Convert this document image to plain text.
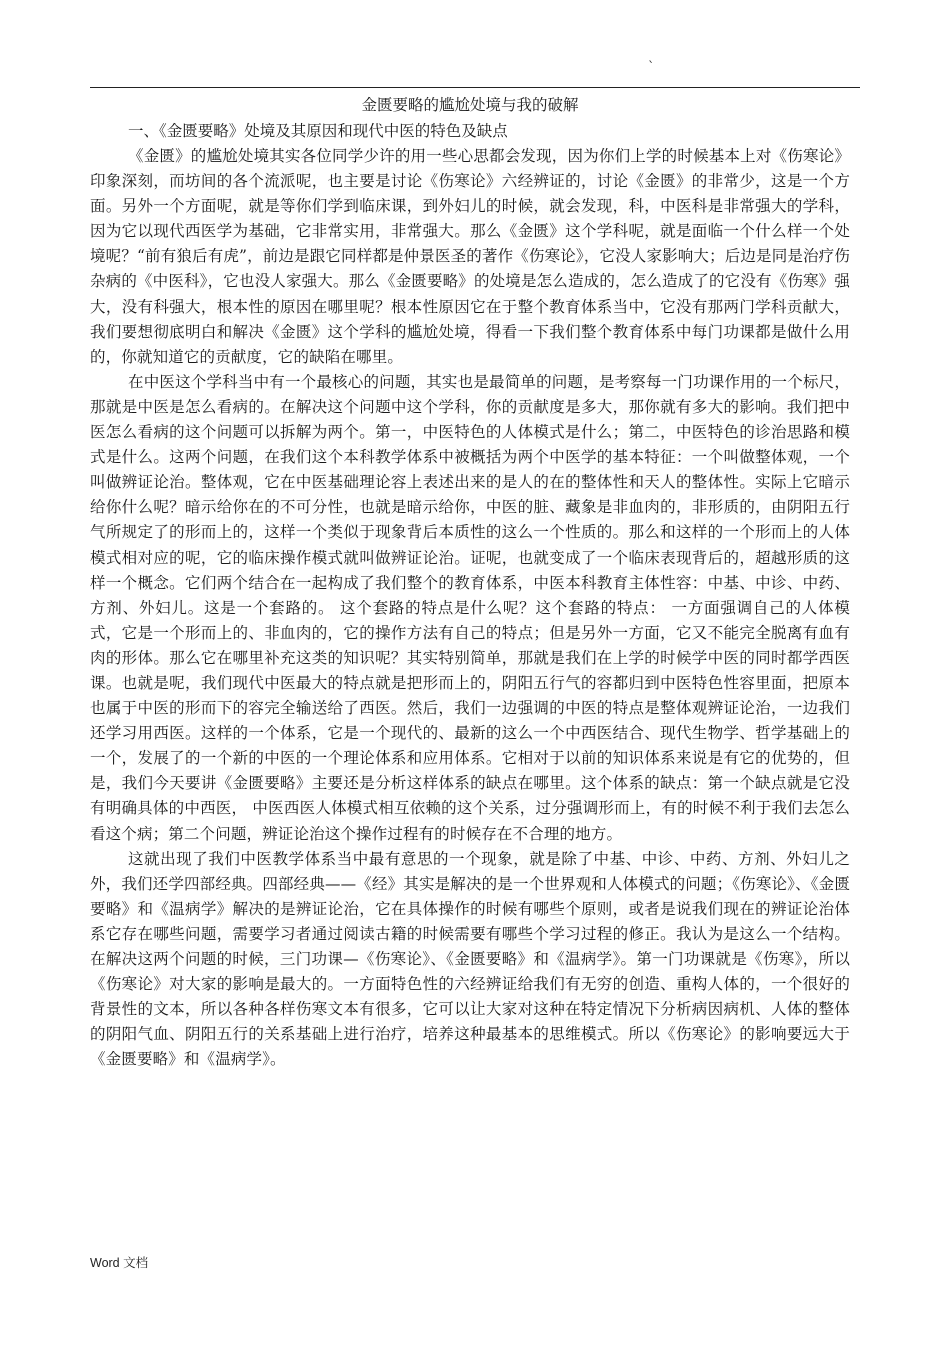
`
金匮要略的尴尬处境与我的破解
一、《金匮要略》处境及其原因和现代中医的特色及缺点

《金匮》的尴尬处境其实各位同学少许的用一些心思都会发现，因为你们上学的时候基本上对《伤寒论》印象深刻，而坊间的各个流派呢，也主要是讨论《伤寒论》六经辨证的，讨论《金匮》的非常少，这是一个方面。另外一个方面呢，就是等你们学到临床课，到外妇儿的时候，就会发现，科，中医科是非常强大的学科，因为它以现代西医学为基础，它非常实用，非常强大。那么《金匮》这个学科呢，就是面临一个什么样一个处境呢？“前有狼后有虎”，前边是跟它同样都是仲景医圣的著作《伤寒论》，它没人家影响大；后边是同是治疗伤杂病的《中医科》，它也没人家强大。那么《金匮要略》的处境是怎么造成的，怎么造成了的它没有《伤寒》强大，没有科强大，根本性的原因在哪里呢？根本性原因它在于整个教育体系当中，它没有那两门学科贡献大，我们要想彻底明白和解决《金匮》这个学科的尴尬处境，得看一下我们整个教育体系中每门功课都是做什么用的，你就知道它的贡献度，它的缺陷在哪里。

在中医这个学科当中有一个最核心的问题，其实也是最简单的问题，是考察每一门功课作用的一个标尺，那就是中医是怎么看病的。在解决这个问题中这个学科，你的贡献度是多大，那你就有多大的影响。我们把中医怎么看病的这个问题可以拆解为两个。第一，中医特色的人体模式是什么；第二，中医特色的诊治思路和模式是什么。这两个问题，在我们这个本科教学体系中被概括为两个中医学的基本特征：一个叫做整体观，一个叫做辨证论治。整体观，它在中医基础理论容上表述出来的是人的在的整体性和天人的整体性。实际上它暗示给你什么呢？暗示给你在的不可分性，也就是暗示给你，中医的脏、藏象是非血肉的，非形质的，由阴阳五行气所规定了的形而上的，这样一个类似于现象背后本质性的这么一个性质的。那么和这样的一个形而上的人体模式相对应的呢，它的临床操作模式就叫做辨证论治。证呢，也就变成了一个临床表现背后的，超越形质的这样一个概念。它们两个结合在一起构成了我们整个的教育体系，中医本科教育主体性容：中基、中诊、中药、方剂、外妇儿。这是一个套路的。 这个套路的特点是什么呢？这个套路的特点： 一方面强调自己的人体模式，它是一个形而上的、非血肉的，它的操作方法有自己的特点；但是另外一方面，它又不能完全脱离有血有肉的形体。那么它在哪里补充这类的知识呢？其实特别简单，那就是我们在上学的时候学中医的同时都学西医课。也就是呢，我们现代中医最大的特点就是把形而上的，阴阳五行气的容都归到中医特色性容里面，把原本也属于中医的形而下的容完全输送给了西医。然后，我们一边强调的中医的特点是整体观辨证论治，一边我们还学习用西医。这样的一个体系，它是一个现代的、最新的这么一个中西医结合、现代生物学、哲学基础上的一个，发展了的一个新的中医的一个理论体系和应用体系。它相对于以前的知识体系来说是有它的优势的，但是，我们今天要讲《金匮要略》主要还是分析这样体系的缺点在哪里。这个体系的缺点：第一个缺点就是它没有明确具体的中西医， 中医西医人体模式相互依赖的这个关系，过分强调形而上，有的时候不利于我们去怎么看这个病；第二个问题，辨证论治这个操作过程有的时候存在不合理的地方。

这就出现了我们中医教学体系当中最有意思的一个现象，就是除了中基、中诊、中药、方剂、外妇儿之外，我们还学四部经典。四部经典——《经》其实是解决的是一个世界观和人体模式的问题；《伤寒论》、《金匮要略》和《温病学》解决的是辨证论治，它在具体操作的时候有哪些个原则，或者是说我们现在的辨证论治体系它存在哪些问题，需要学习者通过阅读古籍的时候需要有哪些个学习过程的修正。我认为是这么一个结构。在解决这两个问题的时候，三门功课—《伤寒论》、《金匮要略》和《温病学》。第一门功课就是《伤寒》，所以《伤寒论》对大家的影响是最大的。一方面特色性的六经辨证给我们有无穷的创造、重构人体的，一个很好的背景性的文本，所以各种各样伤寒文本有很多，它可以让大家对这种在特定情况下分析病因病机、人体的整体的阴阳气血、阴阳五行的关系基础上进行治疗，培养这种最基本的思维模式。所以《伤寒论》的影响要远大于《金匮要略》和《温病学》。

Word 文档
